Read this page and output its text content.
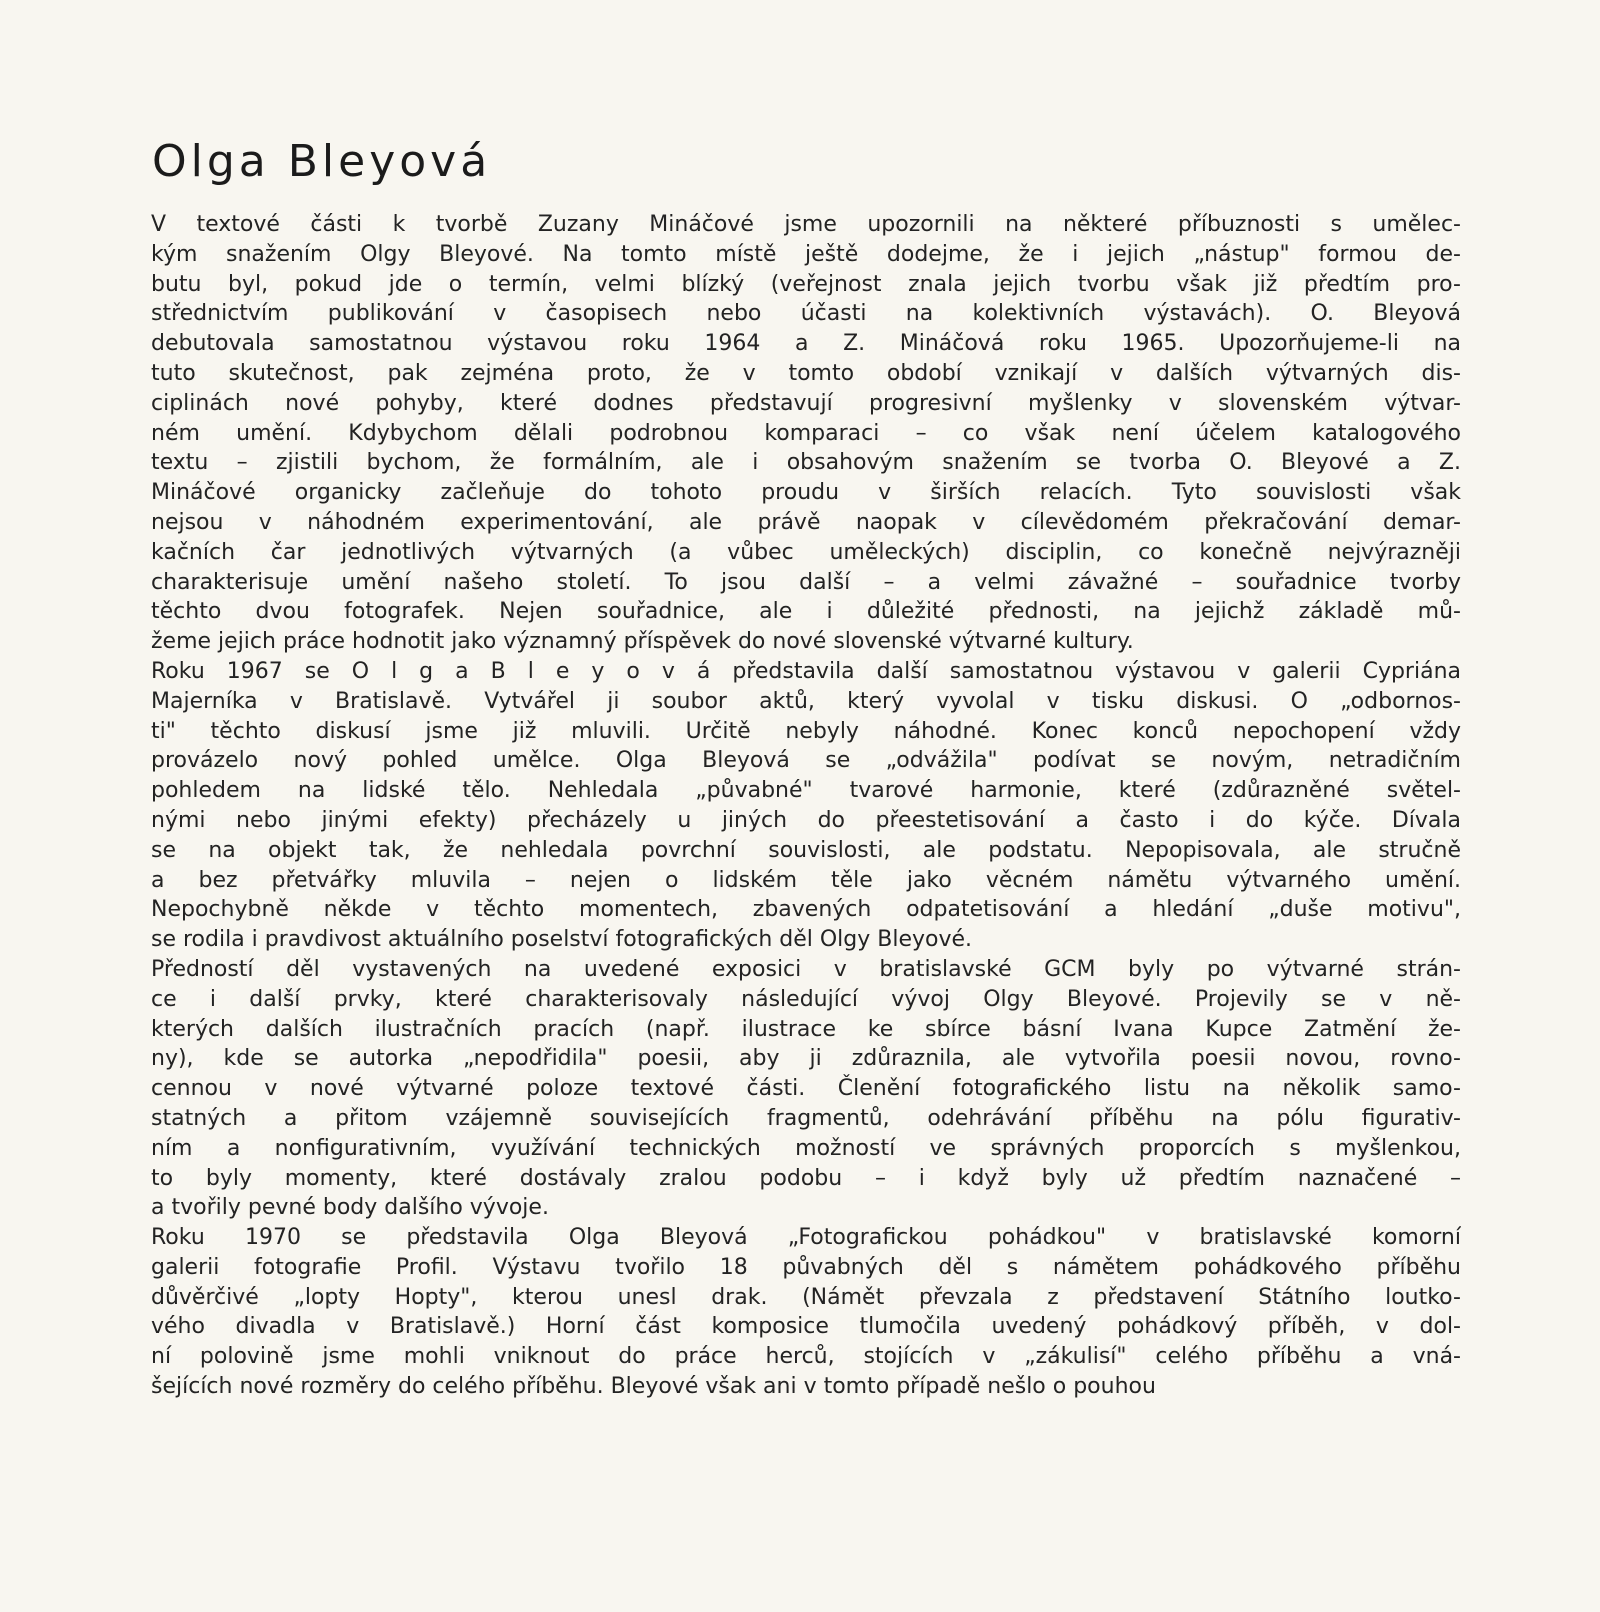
Olga Bleyová
V textové části k tvorbě Zuzany Mináčové jsme upozornili na některé příbuznosti s umělec-
kým snažením Olgy Bleyové. Na tomto místě ještě dodejme, že i jejich „nástup" formou de-
butu byl, pokud jde o termín, velmi blízký (veřejnost znala jejich tvorbu však již předtím pro-
střednictvím publikování v časopisech nebo účasti na kolektivních výstavách). O. Bleyová
debutovala samostatnou výstavou roku 1964 a Z. Mináčová roku 1965. Upozorňujeme-li na
tuto skutečnost, pak zejména proto, že v tomto období vznikají v dalších výtvarných dis-
ciplinách nové pohyby, které dodnes představují progresivní myšlenky v slovenském výtvar-
ném umění. Kdybychom dělali podrobnou komparaci – co však není účelem katalogového
textu – zjistili bychom, že formálním, ale i obsahovým snažením se tvorba O. Bleyové a Z.
Mináčové organicky začleňuje do tohoto proudu v širších relacích. Tyto souvislosti však
nejsou v náhodném experimentování, ale právě naopak v cílevědomém překračování demar-
kačních čar jednotlivých výtvarných (a vůbec uměleckých) disciplin, co konečně nejvýrazněji
charakterisuje umění našeho století. To jsou další – a velmi závažné – souřadnice tvorby
těchto dvou fotografek. Nejen souřadnice, ale i důležité přednosti, na jejichž základě mů-
žeme jejich práce hodnotit jako významný příspěvek do nové slovenské výtvarné kultury.
Roku 1967 se O l g a B l e y o v á představila další samostatnou výstavou v galerii Cypriána
Majerníka v Bratislavě. Vytvářel ji soubor aktů, který vyvolal v tisku diskusi. O „odbornos-
ti" těchto diskusí jsme již mluvili. Určitě nebyly náhodné. Konec konců nepochopení vždy
provázelo nový pohled umělce. Olga Bleyová se „odvážila" podívat se novým, netradičním
pohledem na lidské tělo. Nehledala „půvabné" tvarové harmonie, které (zdůrazněné světel-
nými nebo jinými efekty) přecházely u jiných do přeestetisování a často i do kýče. Dívala
se na objekt tak, že nehledala povrchní souvislosti, ale podstatu. Nepopisovala, ale stručně
a bez přetvářky mluvila – nejen o lidském těle jako věcném námětu výtvarného umění.
Nepochybně někde v těchto momentech, zbavených odpatetisování a hledání „duše motivu",
se rodila i pravdivost aktuálního poselství fotografických děl Olgy Bleyové.
Předností děl vystavených na uvedené exposici v bratislavské GCM byly po výtvarné strán-
ce i další prvky, které charakterisovaly následující vývoj Olgy Bleyové. Projevily se v ně-
kterých dalších ilustračních pracích (např. ilustrace ke sbírce básní Ivana Kupce Zatmění že-
ny), kde se autorka „nepodřidila" poesii, aby ji zdůraznila, ale vytvořila poesii novou, rovno-
cennou v nové výtvarné poloze textové části. Členění fotografického listu na několik samo-
statných a přitom vzájemně souvisejících fragmentů, odehrávání příběhu na pólu figurativ-
ním a nonfigurativním, využívání technických možností ve správných proporcích s myšlenkou,
to byly momenty, které dostávaly zralou podobu – i když byly už předtím naznačené –
a tvořily pevné body dalšího vývoje.
Roku 1970 se představila Olga Bleyová „Fotografickou pohádkou" v bratislavské komorní
galerii fotografie Profil. Výstavu tvořilo 18 půvabných děl s námětem pohádkového příběhu
důvěrčivé „lopty Hopty", kterou unesl drak. (Námět převzala z představení Státního loutko-
vého divadla v Bratislavě.) Horní část komposice tlumočila uvedený pohádkový příběh, v dol-
ní polovině jsme mohli vniknout do práce herců, stojících v „zákulisí" celého příběhu a vná-
šejících nové rozměry do celého příběhu. Bleyové však ani v tomto případě nešlo o pouhou
